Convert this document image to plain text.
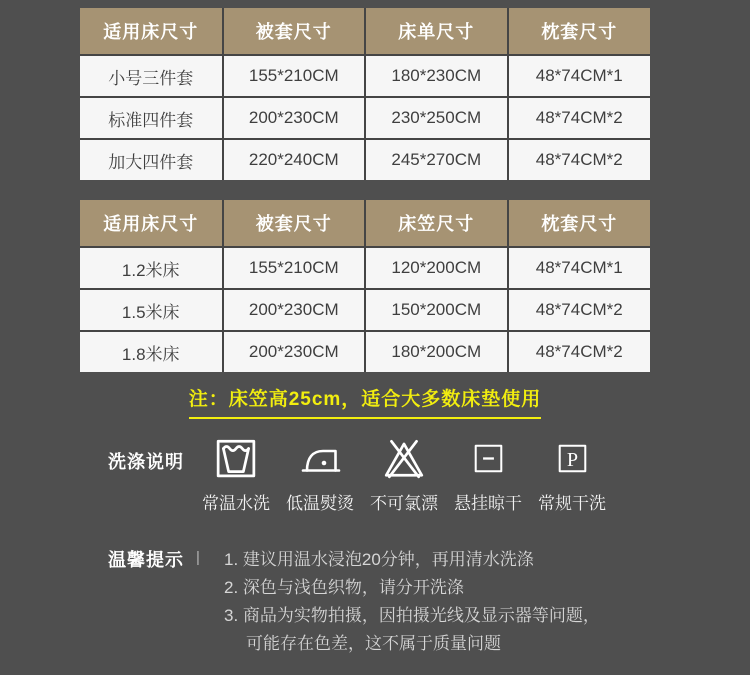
适用床尺寸	被套尺寸	床单尺寸	枕套尺寸
小号三件套	155*210CM	180*230CM	48*74CM*1
标准四件套	200*230CM	230*250CM	48*74CM*2
加大四件套	220*240CM	245*270CM	48*74CM*2
适用床尺寸	被套尺寸	床笠尺寸	枕套尺寸
1.2米床	155*210CM	120*200CM	48*74CM*1
1.5米床	200*230CM	150*200CM	48*74CM*2
1.8米床	200*230CM	180*200CM	48*74CM*2
注：床笠高25cm，适合大多数床垫使用
洗涤说明
常温水洗 低温熨烫 不可氯漂 悬挂晾干
P
常规干洗
温馨提示 | 1. 建议用温水浸泡20分钟，再用清水洗涤
2. 深色与浅色织物，请分开洗涤
3. 商品为实物拍摄，因拍摄光线及显示器等问题，
可能存在色差，这不属于质量问题
